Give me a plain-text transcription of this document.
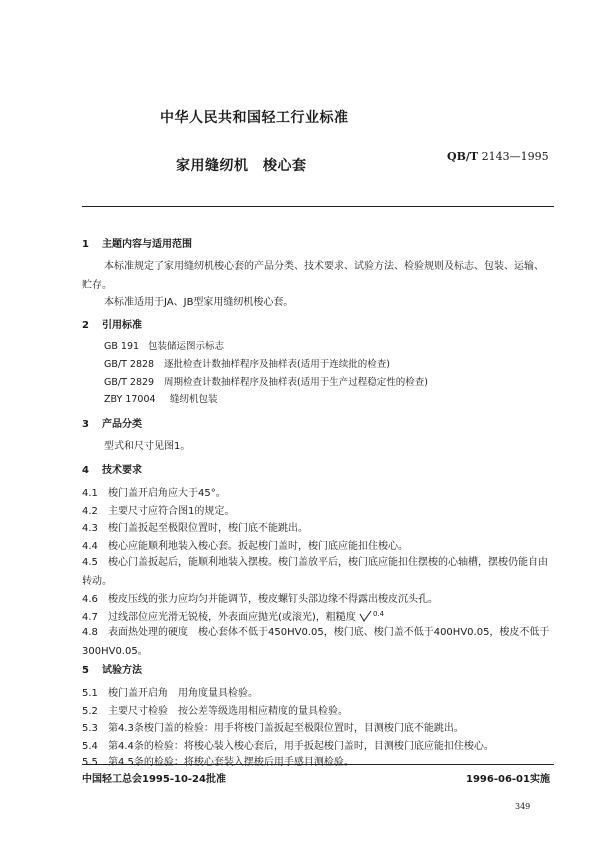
中华人民共和国轻工行业标准
家用缝纫机　梭心套
QB/T 2143—1995
1 主题内容与适用范围
本标准规定了家用缝纫机梭心套的产品分类、技术要求、试验方法、检验规则及标志、包装、运输、贮存。
本标准适用于JA、JB型家用缝纫机梭心套。
2 引用标准
GB 191 包装储运图示标志
GB/T 2828 逐批检查计数抽样程序及抽样表(适用于连续批的检查)
GB/T 2829 周期检查计数抽样程序及抽样表(适用于生产过程稳定性的检查)
ZBY 17004 缝纫机包装
3 产品分类
型式和尺寸见图1。
4 技术要求
4.1 梭门盖开启角应大于45°。
4.2 主要尺寸应符合图1的规定。
4.3 梭门盖扳起至极限位置时，梭门底不能跳出。
4.4 梭心应能顺利地装入梭心套。扳起梭门盖时，梭门底应能扣住梭心。
4.5 梭心门盖扳起后，能顺利地装入摆梭。梭门盖放平后，梭门底应能扣住摆梭的心轴槽，摆梭仍能自由转动。
4.6 梭皮压线的张力应均匀并能调节，梭皮螺钉头部边缘不得露出梭皮沉头孔。
4.7 过线部位应光滑无锐棱，外表面应抛光(或滚光)，粗糙度 $^{0.4}$
4.8 表面热处理的硬度　梭心套体不低于450HV0.05，梭门底、梭门盖不低于400HV0.05，梭皮不低于300HV0.05。
5 试验方法
5.1 梭门盖开启角　用角度量具检验。
5.2 主要尺寸检验　按公差等级选用相应精度的量具检验。
5.3 第4.3条梭门盖的检验：用手将梭门盖扳起至极限位置时，目测梭门底不能跳出。
5.4 第4.4条的检验：将梭心装入梭心套后，用手扳起梭门盖时，目测梭门底应能扣住梭心。
5.5 第4.5条的检验：将梭心套装入摆梭后用手感目测检验。
中国轻工总会1995-10-24批准	1996-06-01实施
349
